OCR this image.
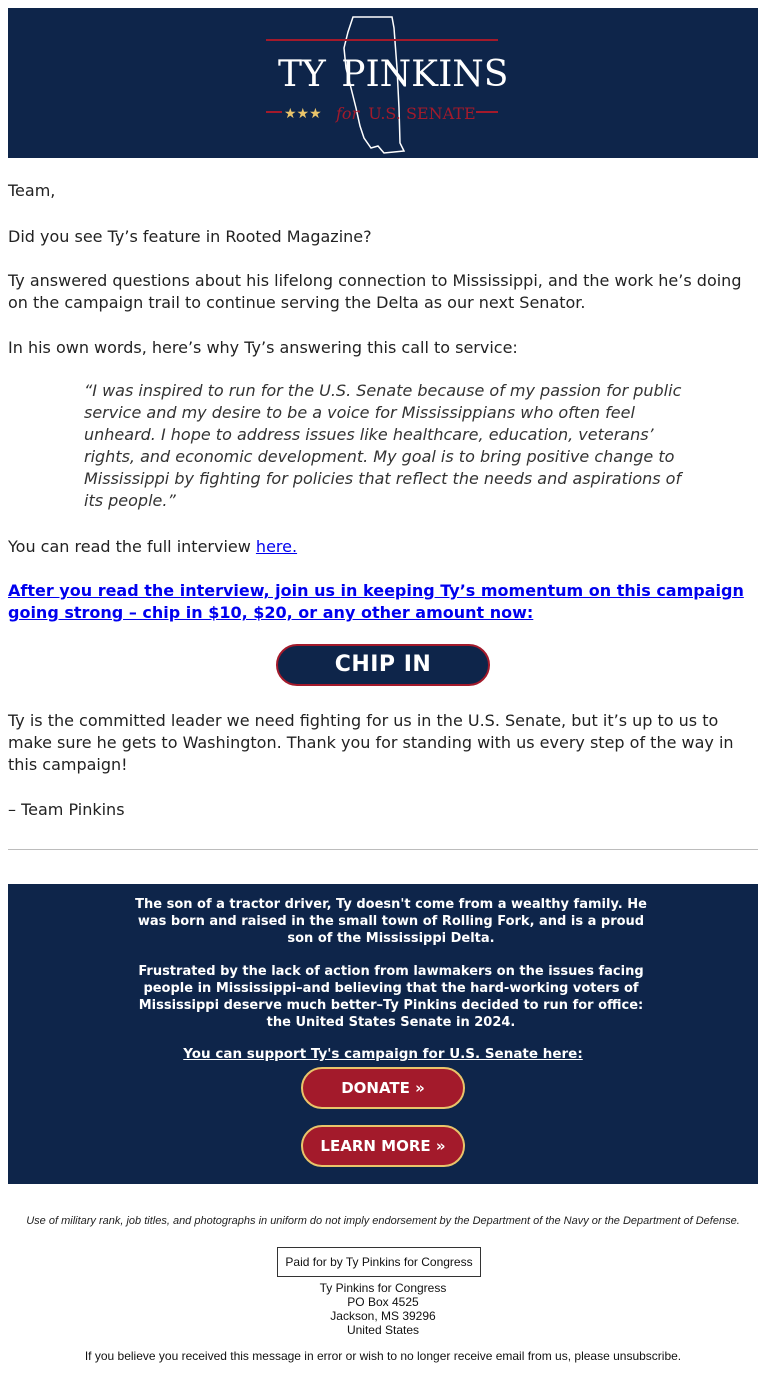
TY PINKINS
★★★ for U.S. SENATE
Team,
Did you see Ty’s feature in Rooted Magazine?
Ty answered questions about his lifelong connection to Mississippi, and the work he’s doing on the campaign trail to continue serving the Delta as our next Senator.
In his own words, here’s why Ty’s answering this call to service:
“I was inspired to run for the U.S. Senate because of my passion for public service and my desire to be a voice for Mississippians who often feel unheard. I hope to address issues like healthcare, education, veterans’ rights, and economic development. My goal is to bring positive change to Mississippi by fighting for policies that reflect the needs and aspirations of its people.”
You can read the full interview here.
After you read the interview, join us in keeping Ty’s momentum on this campaign going strong – chip in $10, $20, or any other amount now:
CHIP IN
Ty is the committed leader we need fighting for us in the U.S. Senate, but it’s up to us to make sure he gets to Washington. Thank you for standing with us every step of the way in this campaign!
– Team Pinkins
The son of a tractor driver, Ty doesn't come from a wealthy family. He was born and raised in the small town of Rolling Fork, and is a proud son of the Mississippi Delta.
Frustrated by the lack of action from lawmakers on the issues facing people in Mississippi–and believing that the hard-working voters of Mississippi deserve much better–Ty Pinkins decided to run for office: the United States Senate in 2024.
You can support Ty's campaign for U.S. Senate here:
DONATE »
LEARN MORE »
Use of military rank, job titles, and photographs in uniform do not imply endorsement by the Department of the Navy or the Department of Defense.
Paid for by Ty Pinkins for Congress
Ty Pinkins for Congress
PO Box 4525
Jackson, MS 39296
United States
If you believe you received this message in error or wish to no longer receive email from us, please unsubscribe.
